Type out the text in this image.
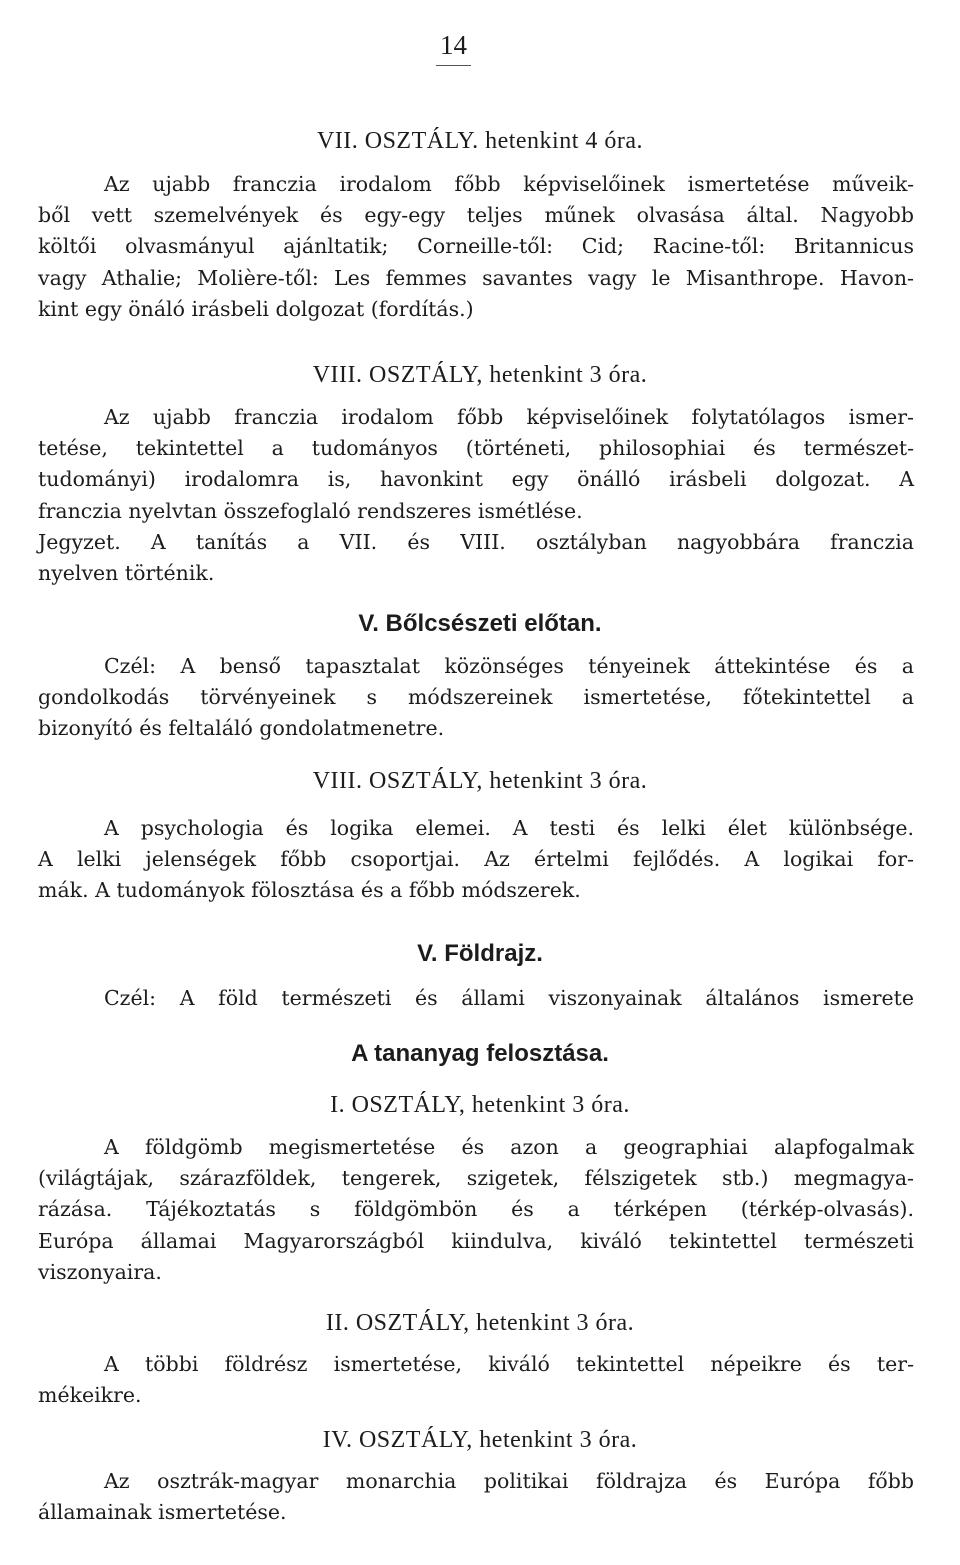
14
VII. OSZTÁLY. hetenkint 4 óra.
Az ujabb franczia irodalom főbb képviselőinek ismertetése műveik-
ből vett szemelvények és egy-egy teljes műnek olvasása által. Nagyobb
költői olvasmányul ajánltatik; Corneille-től: Cid; Racine-től: Britannicus
vagy Athalie; Molière-től: Les femmes savantes vagy le Misanthrope. Havon-
kint egy önáló irásbeli dolgozat (fordítás.)
VIII. OSZTÁLY, hetenkint 3 óra.
Az ujabb franczia irodalom főbb képviselőinek folytatólagos ismer-
tetése, tekintettel a tudományos (történeti, philosophiai és természet-
tudományi) irodalomra is, havonkint egy önálló irásbeli dolgozat. A
franczia nyelvtan összefoglaló rendszeres ismétlése.
Jegyzet. A tanítás a VII. és VIII. osztályban nagyobbára franczia
nyelven történik.
V. Bőlcsészeti előtan.
Czél: A benső tapasztalat közönséges tényeinek áttekintése és a
gondolkodás törvényeinek s módszereinek ismertetése, főtekintettel a
bizonyító és feltaláló gondolatmenetre.
VIII. OSZTÁLY, hetenkint 3 óra.
A psychologia és logika elemei. A testi és lelki élet különbsége.
A lelki jelenségek főbb csoportjai. Az értelmi fejlődés. A logikai for-
mák. A tudományok fölosztása és a főbb módszerek.
V. Földrajz.
Czél: A föld természeti és állami viszonyainak általános ismerete
A tananyag felosztása.
I. OSZTÁLY, hetenkint 3 óra.
A földgömb megismertetése és azon a geographiai alapfogalmak
(világtájak, szárazföldek, tengerek, szigetek, félszigetek stb.) megmagya-
rázása. Tájékoztatás s földgömbön és a térképen (térkép-olvasás).
Európa államai Magyarországból kiindulva, kiváló tekintettel természeti
viszonyaira.
II. OSZTÁLY, hetenkint 3 óra.
A többi földrész ismertetése, kiváló tekintettel népeikre és ter-
mékeikre.
IV. OSZTÁLY, hetenkint 3 óra.
Az osztrák-magyar monarchia politikai földrajza és Európa főbb
államainak ismertetése.
